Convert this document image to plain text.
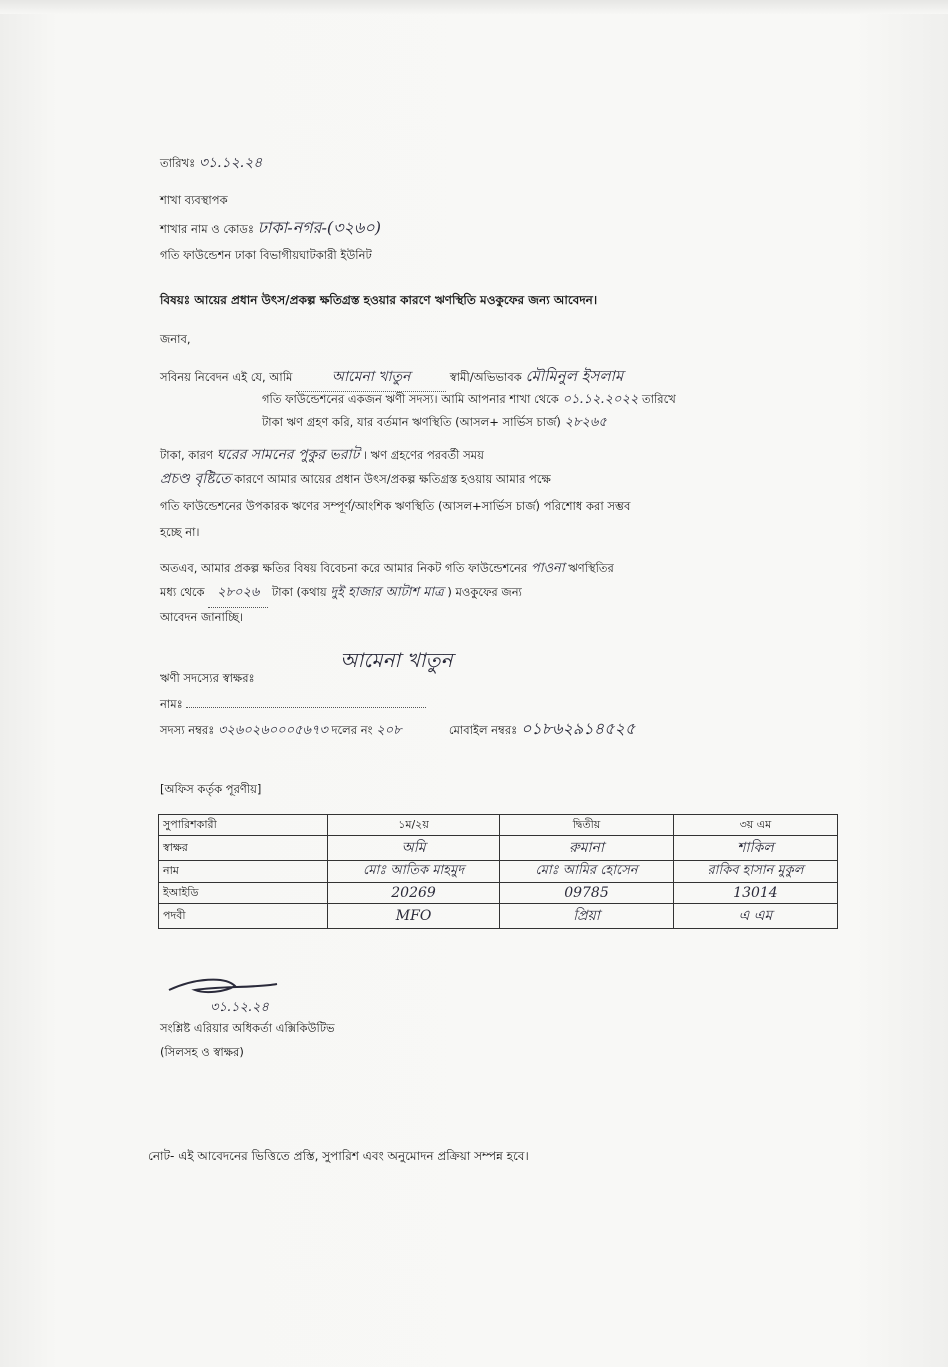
তারিখঃ ৩১.১২.২৪
শাখা ব্যবস্থাপক
শাখার নাম ও কোডঃ ঢাকা-নগর-(৩২৬০)
গতি ফাউন্ডেশন ঢাকা বিভাগীয়ঘাটকারী ইউনিট
বিষয়ঃ আয়ের প্রধান উৎস/প্রকল্প ক্ষতিগ্রস্ত হওয়ার কারণে ঋণস্থিতি মওকুফের জন্য আবেদন।
জনাব,
সবিনয় নিবেদন এই যে, আমি	আমেনা খাতুন	স্বামী/অভিভাবক মৌমিনুল ইসলাম
গতি ফাউন্ডেশনের একজন ঋণী সদস্য। আমি আপনার শাখা থেকে ০১.১২.২০২২ তারিখে
টাকা ঋণ গ্রহণ করি, যার বর্তমান ঋণস্থিতি (আসল+ সার্ভিস চার্জ) ২৮২৬৫
টাকা, কারণ ঘরের সামনের পুকুর ভরাট । ঋণ গ্রহণের পরবর্তী সময়
প্রচণ্ড বৃষ্টিতে কারণে আমার আয়ের প্রধান উৎস/প্রকল্প ক্ষতিগ্রস্ত হওয়ায় আমার পক্ষে
গতি ফাউন্ডেশনের উপকারক ঋণের সম্পূর্ণ/আংশিক ঋণস্থিতি (আসল+সার্ভিস চার্জ) পরিশোধ করা সম্ভব
হচ্ছে না।
অতএব, আমার প্রকল্প ক্ষতির বিষয় বিবেচনা করে আমার নিকট গতি ফাউন্ডেশনের পাওনা ঋণস্থিতির
মধ্য থেকে ২৮০২৬ টাকা (কথায় দুই হাজার আটাশ মাত্র ) মওকুফের জন্য
আবেদন জানাচ্ছি।
ঋণী সদস্যের স্বাক্ষরঃ
আমেনা খাতুন
নামঃ
সদস্য নম্বরঃ ৩২৬০২৬০০০৫৬৭৩ দলের নং ২০৮	মোবাইল নম্বরঃ ০১৮৬২৯১৪৫২৫
[অফিস কর্তৃক পূরণীয়]
সুপারিশকারী	১ম/২য়	দ্বিতীয়	৩য় এম
স্বাক্ষর	অমি	রুমানা	শাকিল
নাম	মোঃ আতিক মাহমুদ	মোঃ আমির হোসেন	রাকিব হাসান মুকুল
ইআইডি	20269	09785	13014
পদবী	MFO	প্রিয়া	এ এম
৩১.১২.২৪
সংশ্লিষ্ট এরিয়ার অধিকর্তা এক্সিকিউটিভ
(সিলসহ ও স্বাক্ষর)
নোট- এই আবেদনের ভিত্তিতে প্রস্তি, সুপারিশ এবং অনুমোদন প্রক্রিয়া সম্পন্ন হবে।
